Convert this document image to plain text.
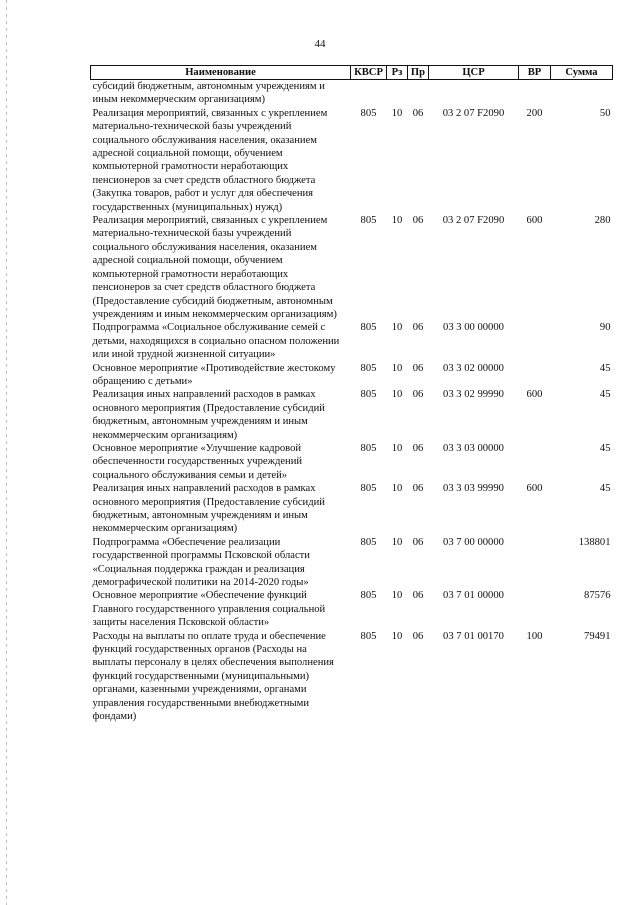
44
Наименование	КВСР	Рз	Пр	ЦСР	ВР	Сумма
субсидий бюджетным, автономным учреждениям и иным некоммерческим организациям)						
Реализация мероприятий, связанных с укреплением материально-технической базы учреждений социального обслуживания населения, оказанием адресной социальной помощи, обучением компьютерной грамотности неработающих пенсионеров за счет средств областного бюджета (Закупка товаров, работ и услуг для обеспечения государственных (муниципальных) нужд)	805	10	06	03 2 07 F2090	200	50
Реализация мероприятий, связанных с укреплением материально-технической базы учреждений социального обслуживания населения, оказанием адресной социальной помощи, обучением компьютерной грамотности неработающих пенсионеров за счет средств областного бюджета (Предоставление субсидий бюджетным, автономным учреждениям и иным некоммерческим организациям)	805	10	06	03 2 07 F2090	600	280
Подпрограмма «Социальное обслуживание семей с детьми, находящихся в социально опасном положении или иной трудной жизненной ситуации»	805	10	06	03 3 00 00000		90
Основное мероприятие «Противодействие жестокому обращению с детьми»	805	10	06	03 3 02 00000		45
Реализация иных направлений расходов в рамках основного мероприятия (Предоставление субсидий бюджетным, автономным учреждениям и иным некоммерческим организациям)	805	10	06	03 3 02 99990	600	45
Основное мероприятие «Улучшение кадровой обеспеченности государственных учреждений социального обслуживания семьи и детей»	805	10	06	03 3 03 00000		45
Реализация иных направлений расходов в рамках основного мероприятия (Предоставление субсидий бюджетным, автономным учреждениям и иным некоммерческим организациям)	805	10	06	03 3 03 99990	600	45
Подпрограмма «Обеспечение реализации государственной программы Псковской области «Социальная поддержка граждан и реализация демографической политики на 2014-2020 годы»	805	10	06	03 7 00 00000		138801
Основное мероприятие «Обеспечение функций Главного государственного управления социальной защиты населения Псковской области»	805	10	06	03 7 01 00000		87576
Расходы на выплаты по оплате труда и обеспечение функций государственных органов (Расходы на выплаты персоналу в целях обеспечения выполнения функций государственными (муниципальными) органами, казенными учреждениями, органами управления государственными внебюджетными фондами)	805	10	06	03 7 01 00170	100	79491
